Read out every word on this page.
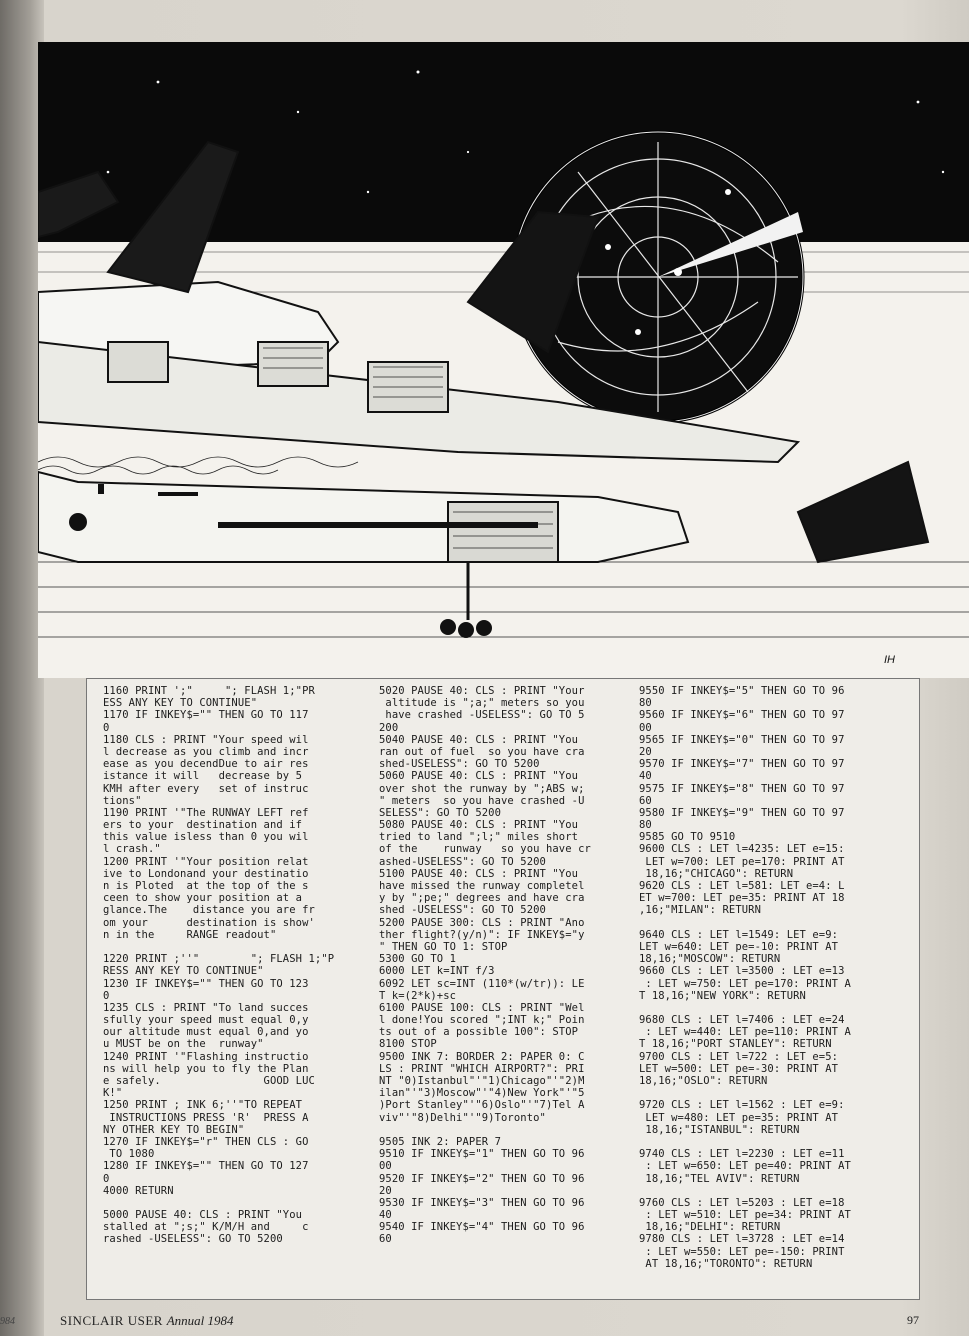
IH
1160 PRINT ';"     "; FLASH 1;"PR
ESS ANY KEY TO CONTINUE"
1170 IF INKEY$="" THEN GO TO 117
0
1180 CLS : PRINT "Your speed wil
l decrease as you climb and incr
ease as you decendDue to air res
istance it will   decrease by 5
KMH after every   set of instruc
tions"
1190 PRINT '"The RUNWAY LEFT ref
ers to your  destination and if
this value isless than 0 you wil
l crash."
1200 PRINT '"Your position relat
ive to Londonand your destinatio
n is Ploted  at the top of the s
ceen to show your position at a
glance.The    distance you are fr
om your      destination is show'
n in the     RANGE readout"

1220 PRINT ;''"        "; FLASH 1;"P
RESS ANY KEY TO CONTINUE"
1230 IF INKEY$="" THEN GO TO 123
0
1235 CLS : PRINT "To land succes
sfully your speed must equal 0,y
our altitude must equal 0,and yo
u MUST be on the  runway"
1240 PRINT '"Flashing instructio
ns will help you to fly the Plan
e safely.                GOOD LUC
K!"
1250 PRINT ; INK 6;''"TO REPEAT
INSTRUCTIONS PRESS 'R'  PRESS A
NY OTHER KEY TO BEGIN"
1270 IF INKEY$="r" THEN CLS : GO
TO 1080
1280 IF INKEY$="" THEN GO TO 127
0
4000 RETURN

5000 PAUSE 40: CLS : PRINT "You
stalled at ";s;" K/M/H and     c
rashed -USELESS": GO TO 5200
5020 PAUSE 40: CLS : PRINT "Your
altitude is ";a;" meters so you
have crashed -USELESS": GO TO 5
200
5040 PAUSE 40: CLS : PRINT "You
ran out of fuel  so you have cra
shed-USELESS": GO TO 5200
5060 PAUSE 40: CLS : PRINT "You
over shot the runway by ";ABS w;
" meters  so you have crashed -U
SELESS": GO TO 5200
5080 PAUSE 40: CLS : PRINT "You
tried to land ";l;" miles short
of the    runway   so you have cr
ashed-USELESS": GO TO 5200
5100 PAUSE 40: CLS : PRINT "You
have missed the runway completel
y by ";pe;" degrees and have cra
shed -USELESS": GO TO 5200
5200 PAUSE 300: CLS : PRINT "Ano
ther flight?(y/n)": IF INKEY$="y
" THEN GO TO 1: STOP
5300 GO TO 1
6000 LET k=INT f/3
6092 LET sc=INT (110*(w/tr)): LE
T k=(2*k)+sc
6100 PAUSE 100: CLS : PRINT "Wel
l done!You scored ";INT k;" Poin
ts out of a possible 100": STOP
8100 STOP
9500 INK 7: BORDER 2: PAPER 0: C
LS : PRINT "WHICH AIRPORT?": PRI
NT "0)Istanbul"'"1)Chicago"'"2)M
ilan"'"3)Moscow"'"4)New York"'"5
)Port Stanley"'"6)Oslo"'"7)Tel A
viv"'"8)Delhi"'"9)Toronto"

9505 INK 2: PAPER 7
9510 IF INKEY$="1" THEN GO TO 96
00
9520 IF INKEY$="2" THEN GO TO 96
20
9530 IF INKEY$="3" THEN GO TO 96
40
9540 IF INKEY$="4" THEN GO TO 96
60
9550 IF INKEY$="5" THEN GO TO 96
80
9560 IF INKEY$="6" THEN GO TO 97
00
9565 IF INKEY$="0" THEN GO TO 97
20
9570 IF INKEY$="7" THEN GO TO 97
40
9575 IF INKEY$="8" THEN GO TO 97
60
9580 IF INKEY$="9" THEN GO TO 97
80
9585 GO TO 9510
9600 CLS : LET l=4235: LET e=15:
LET w=700: LET pe=170: PRINT AT
18,16;"CHICAGO": RETURN
9620 CLS : LET l=581: LET e=4: L
ET w=700: LET pe=35: PRINT AT 18
,16;"MILAN": RETURN

9640 CLS : LET l=1549: LET e=9:
LET w=640: LET pe=-10: PRINT AT
18,16;"MOSCOW": RETURN
9660 CLS : LET l=3500 : LET e=13
: LET w=750: LET pe=170: PRINT A
T 18,16;"NEW YORK": RETURN

9680 CLS : LET l=7406 : LET e=24
: LET w=440: LET pe=110: PRINT A
T 18,16;"PORT STANLEY": RETURN
9700 CLS : LET l=722 : LET e=5:
LET w=500: LET pe=-30: PRINT AT
18,16;"OSLO": RETURN

9720 CLS : LET l=1562 : LET e=9:
LET w=480: LET pe=35: PRINT AT
18,16;"ISTANBUL": RETURN

9740 CLS : LET l=2230 : LET e=11
: LET w=650: LET pe=40: PRINT AT
18,16;"TEL AVIV": RETURN

9760 CLS : LET l=5203 : LET e=18
: LET w=510: LET pe=34: PRINT AT
18,16;"DELHI": RETURN
9780 CLS : LET l=3728 : LET e=14
: LET w=550: LET pe=-150: PRINT
AT 18,16;"TORONTO": RETURN
984	SINCLAIR USER Annual 1984	97
